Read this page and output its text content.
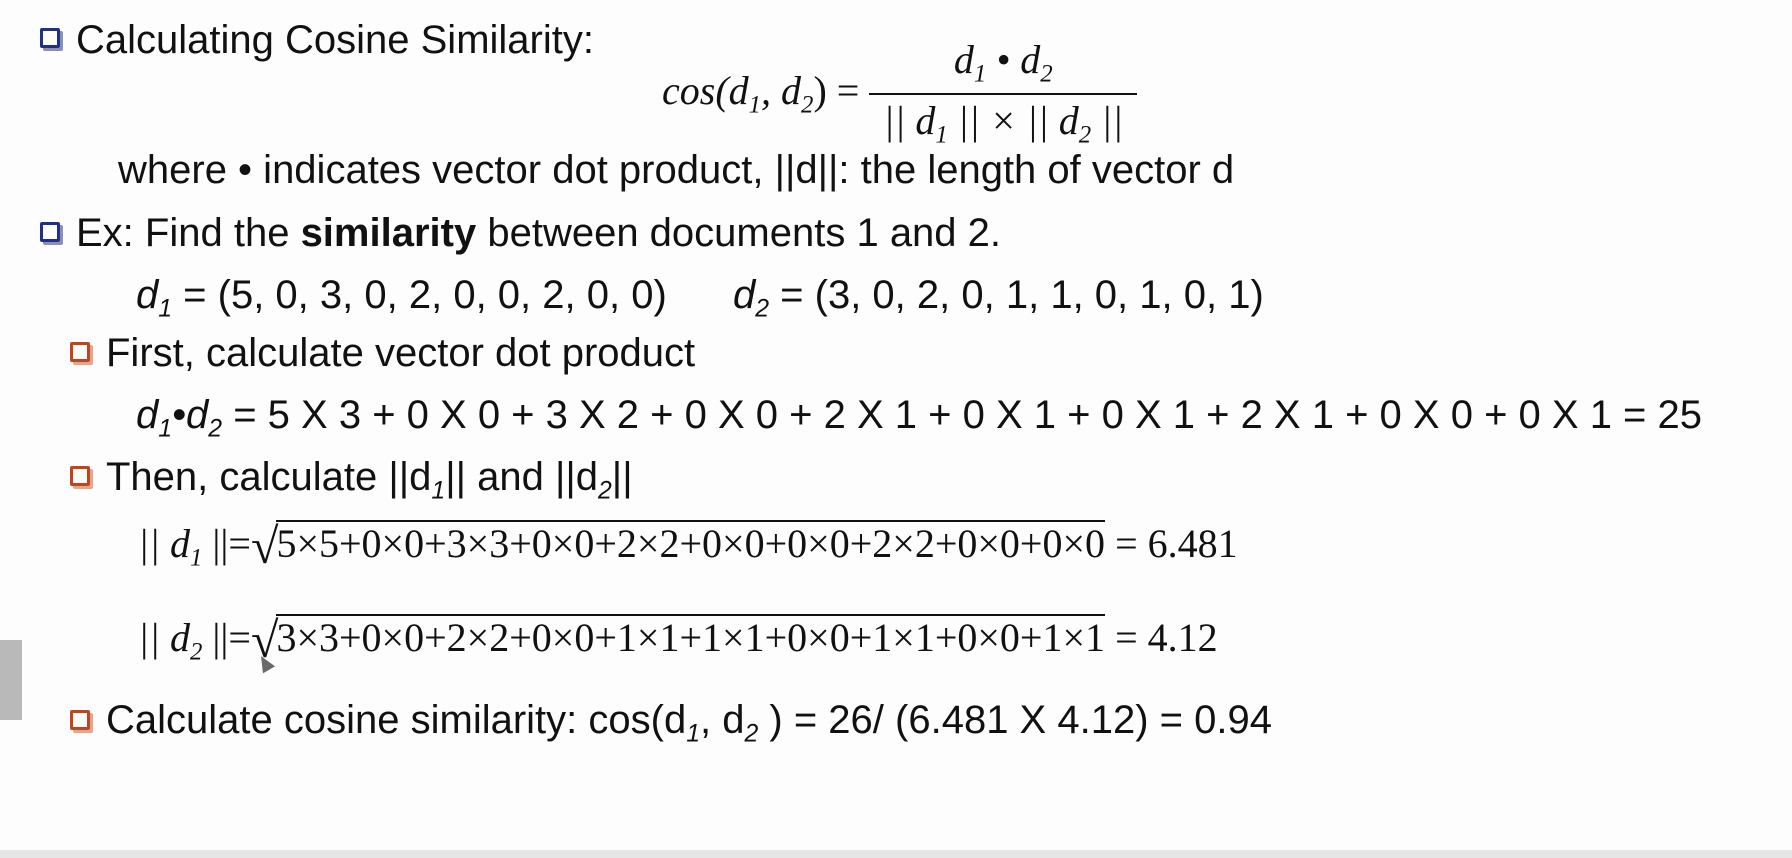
Calculating Cosine Similarity:
$\cos(d_1$, $d_2) = \frac{d_1 • d_2}{|| d_1 || \times || d_2 ||}$
where • indicates vector dot product, ||d||: the length of vector d
Ex: Find the similarity between documents 1 and 2.
$d_1 = (5$, 0, 3, 0, 2, 0, 0, 2, 0, 0) $d_2 = (3$, 0, 2, 0, 1, 1, 0, 1, 0, 1)
First, calculate vector dot product
$d_1•d_2 = 5$ X 3 + 0 X 0 + 3 X 2 + 0 X 0 + 2 X 1 + 0 X 1 + 0 X 1 + 2 X 1 + 0 X 0 + 0 X 1 = 25
Then, calculate $||d_1||$ and $||d_2||$
|| $d_1$ ||=√5×5+0×0+3×3+0×0+2×2+0×0+0×0+2×2+0×0+0×0 = 6.481
|| $d_2$ ||=√3×3+0×0+2×2+0×0+1×1+1×1+0×0+1×1+0×0+1×1 = 4.12
Calculate cosine similarity: $\cos(d_1$, $d_2$ ) = 26/ (6.481 X 4.12) = 0.94
